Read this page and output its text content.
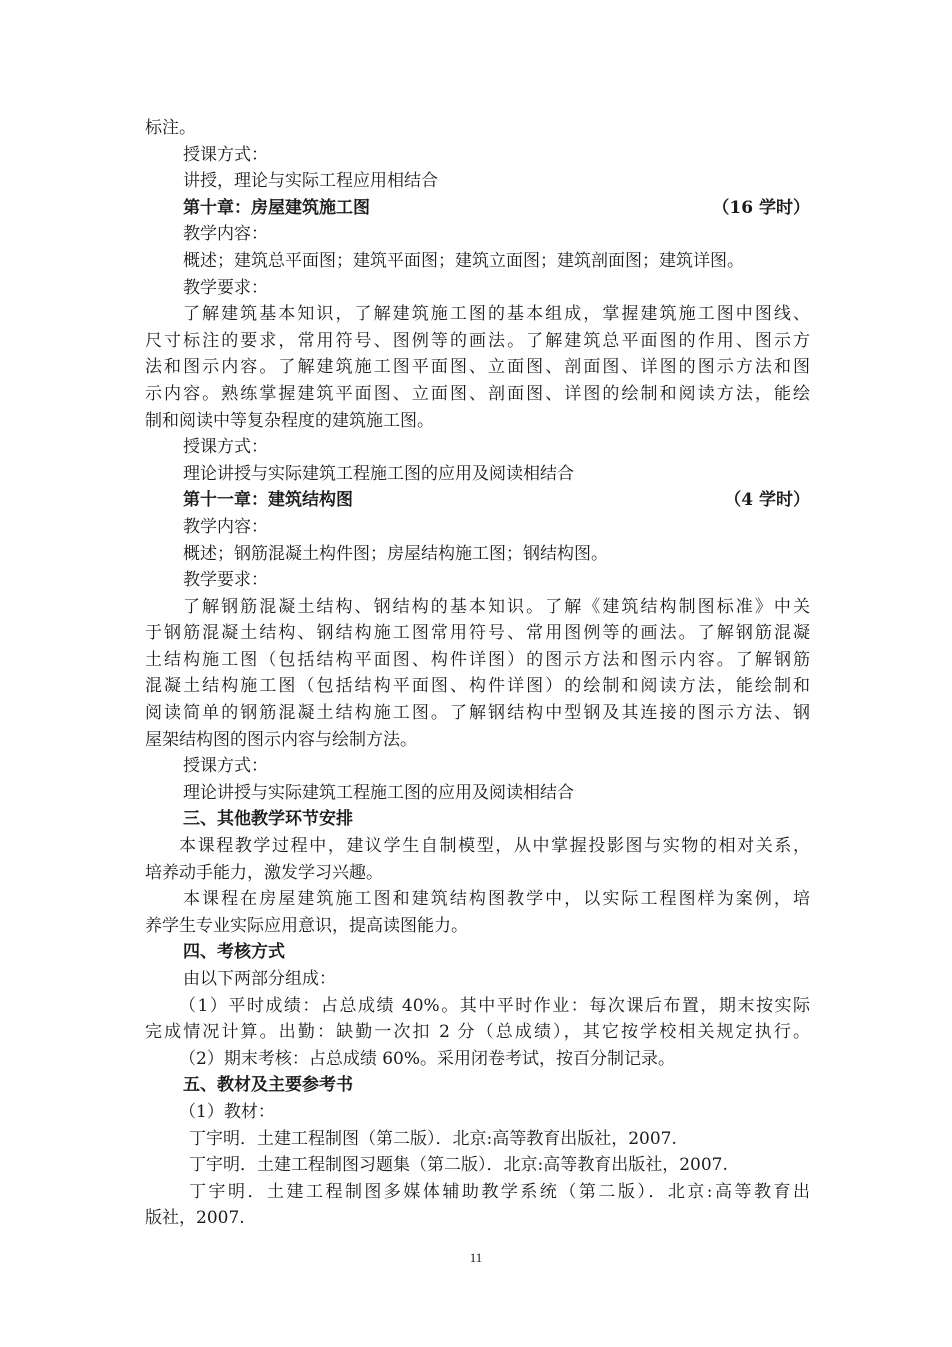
标注。
授课方式：
讲授，理论与实际工程应用相结合
第十章：房屋建筑施工图	（16 学时）
教学内容：
概述；建筑总平面图；建筑平面图；建筑立面图；建筑剖面图；建筑详图。
教学要求：
了解建筑基本知识，了解建筑施工图的基本组成，掌握建筑施工图中图线、
尺寸标注的要求，常用符号、图例等的画法。了解建筑总平面图的作用、图示方
法和图示内容。了解建筑施工图平面图、立面图、剖面图、详图的图示方法和图
示内容。熟练掌握建筑平面图、立面图、剖面图、详图的绘制和阅读方法，能绘
制和阅读中等复杂程度的建筑施工图。
授课方式：
理论讲授与实际建筑工程施工图的应用及阅读相结合
第十一章：建筑结构图	（4 学时）
教学内容：
概述；钢筋混凝土构件图；房屋结构施工图；钢结构图。
教学要求：
了解钢筋混凝土结构、钢结构的基本知识。了解《建筑结构制图标准》中关
于钢筋混凝土结构、钢结构施工图常用符号、常用图例等的画法。了解钢筋混凝
土结构施工图（包括结构平面图、构件详图）的图示方法和图示内容。了解钢筋
混凝土结构施工图（包括结构平面图、构件详图）的绘制和阅读方法，能绘制和
阅读简单的钢筋混凝土结构施工图。了解钢结构中型钢及其连接的图示方法、钢
屋架结构图的图示内容与绘制方法。
授课方式：
理论讲授与实际建筑工程施工图的应用及阅读相结合
三、其他教学环节安排
本课程教学过程中，建议学生自制模型，从中掌握投影图与实物的相对关系，
培养动手能力，激发学习兴趣。
本课程在房屋建筑施工图和建筑结构图教学中，以实际工程图样为案例，培
养学生专业实际应用意识，提高读图能力。
四、考核方式
由以下两部分组成：
（1）平时成绩：占总成绩 40%。其中平时作业：每次课后布置，期末按实际
完成情况计算。出勤：缺勤一次扣 2 分（总成绩），其它按学校相关规定执行。
（2）期末考核：占总成绩 60%。采用闭卷考试，按百分制记录。
五、教材及主要参考书
（1）教材：
丁宇明．土建工程制图（第二版）．北京:高等教育出版社，2007.
丁宇明．土建工程制图习题集（第二版）．北京:高等教育出版社，2007.
丁宇明．土建工程制图多媒体辅助教学系统（第二版）．北京:高等教育出
版社，2007.
11
